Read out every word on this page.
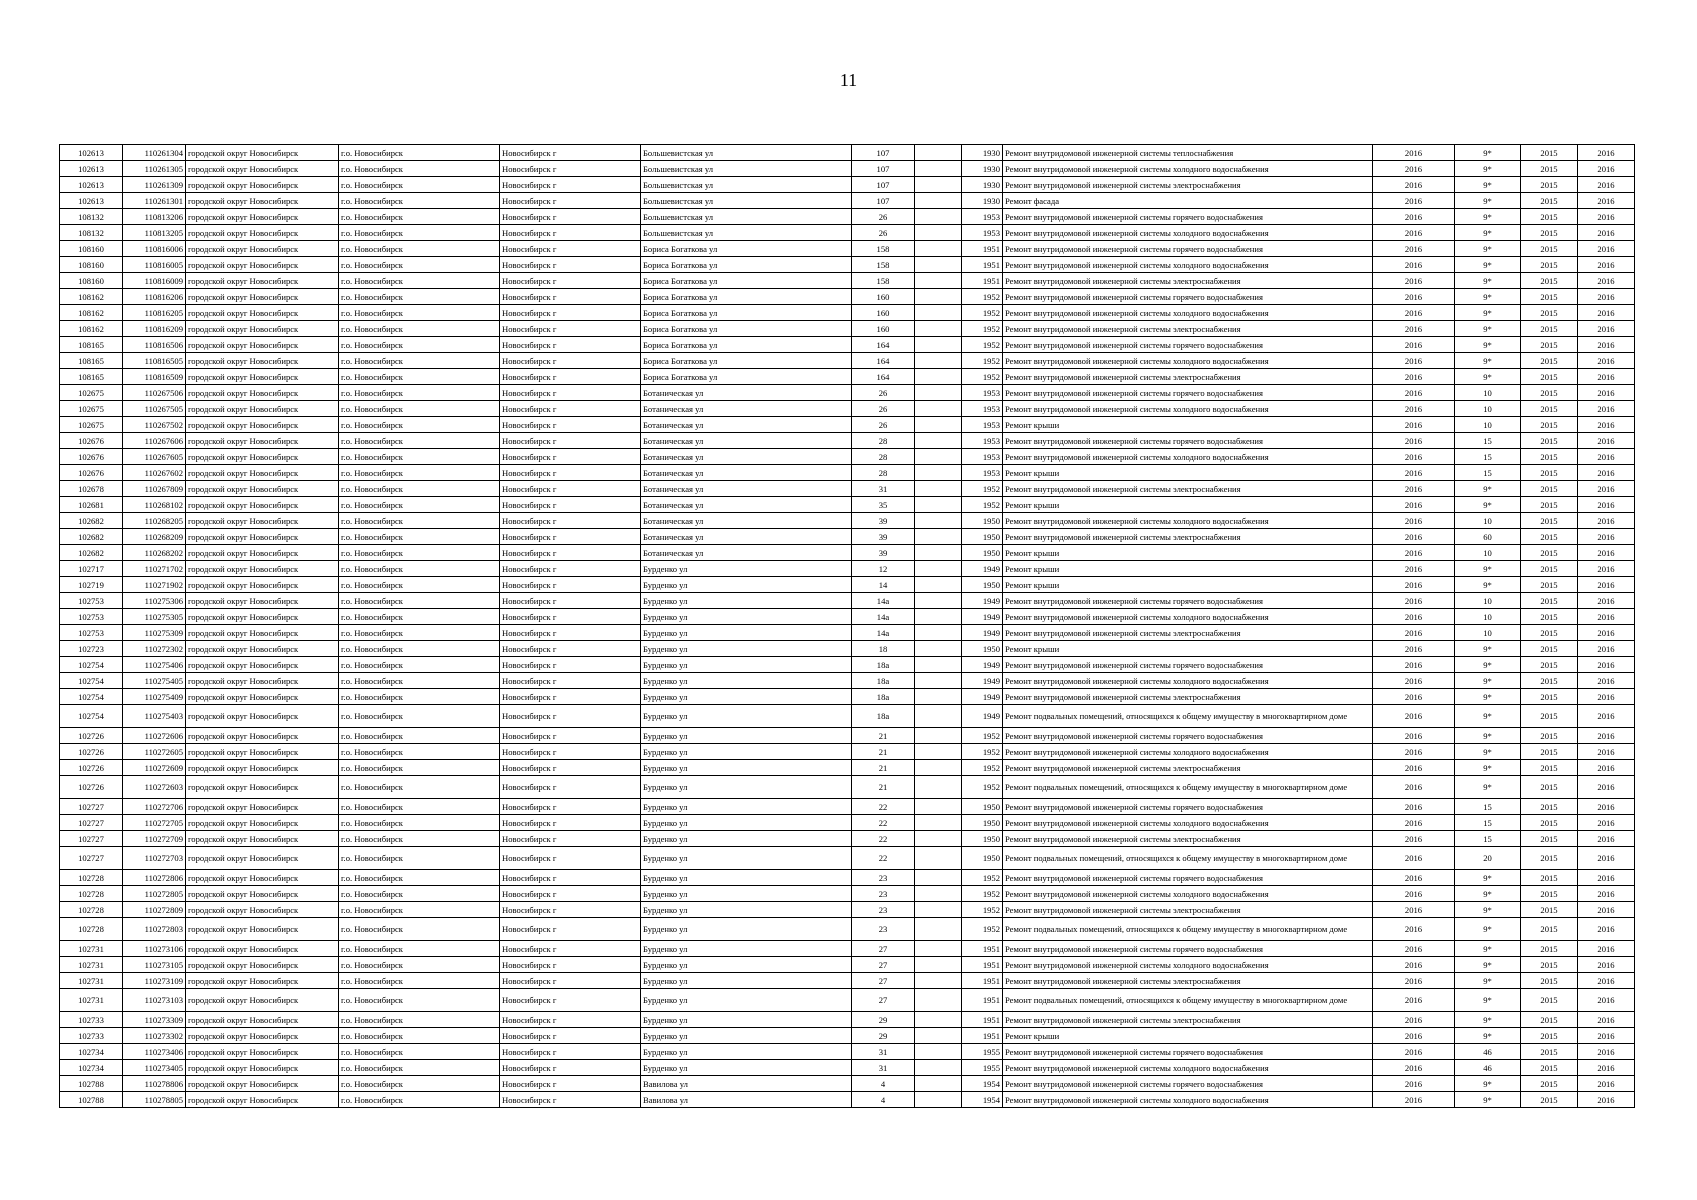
11
102613	110261304	городской округ Новосибирск	г.о. Новосибирск	Новосибирск г	Большевистская ул	107		1930	Ремонт внутридомовой инженерной системы теплоснабжения	2016	9*	2015	2016
102613	110261305	городской округ Новосибирск	г.о. Новосибирск	Новосибирск г	Большевистская ул	107		1930	Ремонт внутридомовой инженерной системы холодного водоснабжения	2016	9*	2015	2016
102613	110261309	городской округ Новосибирск	г.о. Новосибирск	Новосибирск г	Большевистская ул	107		1930	Ремонт внутридомовой инженерной системы электроснабжения	2016	9*	2015	2016
102613	110261301	городской округ Новосибирск	г.о. Новосибирск	Новосибирск г	Большевистская ул	107		1930	Ремонт фасада	2016	9*	2015	2016
108132	110813206	городской округ Новосибирск	г.о. Новосибирск	Новосибирск г	Большевистская ул	26		1953	Ремонт внутридомовой инженерной системы горячего водоснабжения	2016	9*	2015	2016
108132	110813205	городской округ Новосибирск	г.о. Новосибирск	Новосибирск г	Большевистская ул	26		1953	Ремонт внутридомовой инженерной системы холодного водоснабжения	2016	9*	2015	2016
108160	110816006	городской округ Новосибирск	г.о. Новосибирск	Новосибирск г	Бориса Богаткова ул	158		1951	Ремонт внутридомовой инженерной системы горячего водоснабжения	2016	9*	2015	2016
108160	110816005	городской округ Новосибирск	г.о. Новосибирск	Новосибирск г	Бориса Богаткова ул	158		1951	Ремонт внутридомовой инженерной системы холодного водоснабжения	2016	9*	2015	2016
108160	110816009	городской округ Новосибирск	г.о. Новосибирск	Новосибирск г	Бориса Богаткова ул	158		1951	Ремонт внутридомовой инженерной системы электроснабжения	2016	9*	2015	2016
108162	110816206	городской округ Новосибирск	г.о. Новосибирск	Новосибирск г	Бориса Богаткова ул	160		1952	Ремонт внутридомовой инженерной системы горячего водоснабжения	2016	9*	2015	2016
108162	110816205	городской округ Новосибирск	г.о. Новосибирск	Новосибирск г	Бориса Богаткова ул	160		1952	Ремонт внутридомовой инженерной системы холодного водоснабжения	2016	9*	2015	2016
108162	110816209	городской округ Новосибирск	г.о. Новосибирск	Новосибирск г	Бориса Богаткова ул	160		1952	Ремонт внутридомовой инженерной системы электроснабжения	2016	9*	2015	2016
108165	110816506	городской округ Новосибирск	г.о. Новосибирск	Новосибирск г	Бориса Богаткова ул	164		1952	Ремонт внутридомовой инженерной системы горячего водоснабжения	2016	9*	2015	2016
108165	110816505	городской округ Новосибирск	г.о. Новосибирск	Новосибирск г	Бориса Богаткова ул	164		1952	Ремонт внутридомовой инженерной системы холодного водоснабжения	2016	9*	2015	2016
108165	110816509	городской округ Новосибирск	г.о. Новосибирск	Новосибирск г	Бориса Богаткова ул	164		1952	Ремонт внутридомовой инженерной системы электроснабжения	2016	9*	2015	2016
102675	110267506	городской округ Новосибирск	г.о. Новосибирск	Новосибирск г	Ботаническая ул	26		1953	Ремонт внутридомовой инженерной системы горячего водоснабжения	2016	10	2015	2016
102675	110267505	городской округ Новосибирск	г.о. Новосибирск	Новосибирск г	Ботаническая ул	26		1953	Ремонт внутридомовой инженерной системы холодного водоснабжения	2016	10	2015	2016
102675	110267502	городской округ Новосибирск	г.о. Новосибирск	Новосибирск г	Ботаническая ул	26		1953	Ремонт крыши	2016	10	2015	2016
102676	110267606	городской округ Новосибирск	г.о. Новосибирск	Новосибирск г	Ботаническая ул	28		1953	Ремонт внутридомовой инженерной системы горячего водоснабжения	2016	15	2015	2016
102676	110267605	городской округ Новосибирск	г.о. Новосибирск	Новосибирск г	Ботаническая ул	28		1953	Ремонт внутридомовой инженерной системы холодного водоснабжения	2016	15	2015	2016
102676	110267602	городской округ Новосибирск	г.о. Новосибирск	Новосибирск г	Ботаническая ул	28		1953	Ремонт крыши	2016	15	2015	2016
102678	110267809	городской округ Новосибирск	г.о. Новосибирск	Новосибирск г	Ботаническая ул	31		1952	Ремонт внутридомовой инженерной системы электроснабжения	2016	9*	2015	2016
102681	110268102	городской округ Новосибирск	г.о. Новосибирск	Новосибирск г	Ботаническая ул	35		1952	Ремонт крыши	2016	9*	2015	2016
102682	110268205	городской округ Новосибирск	г.о. Новосибирск	Новосибирск г	Ботаническая ул	39		1950	Ремонт внутридомовой инженерной системы холодного водоснабжения	2016	10	2015	2016
102682	110268209	городской округ Новосибирск	г.о. Новосибирск	Новосибирск г	Ботаническая ул	39		1950	Ремонт внутридомовой инженерной системы электроснабжения	2016	60	2015	2016
102682	110268202	городской округ Новосибирск	г.о. Новосибирск	Новосибирск г	Ботаническая ул	39		1950	Ремонт крыши	2016	10	2015	2016
102717	110271702	городской округ Новосибирск	г.о. Новосибирск	Новосибирск г	Бурденко ул	12		1949	Ремонт крыши	2016	9*	2015	2016
102719	110271902	городской округ Новосибирск	г.о. Новосибирск	Новосибирск г	Бурденко ул	14		1950	Ремонт крыши	2016	9*	2015	2016
102753	110275306	городской округ Новосибирск	г.о. Новосибирск	Новосибирск г	Бурденко ул	14а		1949	Ремонт внутридомовой инженерной системы горячего водоснабжения	2016	10	2015	2016
102753	110275305	городской округ Новосибирск	г.о. Новосибирск	Новосибирск г	Бурденко ул	14а		1949	Ремонт внутридомовой инженерной системы холодного водоснабжения	2016	10	2015	2016
102753	110275309	городской округ Новосибирск	г.о. Новосибирск	Новосибирск г	Бурденко ул	14а		1949	Ремонт внутридомовой инженерной системы электроснабжения	2016	10	2015	2016
102723	110272302	городской округ Новосибирск	г.о. Новосибирск	Новосибирск г	Бурденко ул	18		1950	Ремонт крыши	2016	9*	2015	2016
102754	110275406	городской округ Новосибирск	г.о. Новосибирск	Новосибирск г	Бурденко ул	18а		1949	Ремонт внутридомовой инженерной системы горячего водоснабжения	2016	9*	2015	2016
102754	110275405	городской округ Новосибирск	г.о. Новосибирск	Новосибирск г	Бурденко ул	18а		1949	Ремонт внутридомовой инженерной системы холодного водоснабжения	2016	9*	2015	2016
102754	110275409	городской округ Новосибирск	г.о. Новосибирск	Новосибирск г	Бурденко ул	18а		1949	Ремонт внутридомовой инженерной системы электроснабжения	2016	9*	2015	2016
102754	110275403	городской округ Новосибирск	г.о. Новосибирск	Новосибирск г	Бурденко ул	18а		1949	Ремонт подвальных помещений, относящихся к общему имуществу в многоквартирном доме	2016	9*	2015	2016
102726	110272606	городской округ Новосибирск	г.о. Новосибирск	Новосибирск г	Бурденко ул	21		1952	Ремонт внутридомовой инженерной системы горячего водоснабжения	2016	9*	2015	2016
102726	110272605	городской округ Новосибирск	г.о. Новосибирск	Новосибирск г	Бурденко ул	21		1952	Ремонт внутридомовой инженерной системы холодного водоснабжения	2016	9*	2015	2016
102726	110272609	городской округ Новосибирск	г.о. Новосибирск	Новосибирск г	Бурденко ул	21		1952	Ремонт внутридомовой инженерной системы электроснабжения	2016	9*	2015	2016
102726	110272603	городской округ Новосибирск	г.о. Новосибирск	Новосибирск г	Бурденко ул	21		1952	Ремонт подвальных помещений, относящихся к общему имуществу в многоквартирном доме	2016	9*	2015	2016
102727	110272706	городской округ Новосибирск	г.о. Новосибирск	Новосибирск г	Бурденко ул	22		1950	Ремонт внутридомовой инженерной системы горячего водоснабжения	2016	15	2015	2016
102727	110272705	городской округ Новосибирск	г.о. Новосибирск	Новосибирск г	Бурденко ул	22		1950	Ремонт внутридомовой инженерной системы холодного водоснабжения	2016	15	2015	2016
102727	110272709	городской округ Новосибирск	г.о. Новосибирск	Новосибирск г	Бурденко ул	22		1950	Ремонт внутридомовой инженерной системы электроснабжения	2016	15	2015	2016
102727	110272703	городской округ Новосибирск	г.о. Новосибирск	Новосибирск г	Бурденко ул	22		1950	Ремонт подвальных помещений, относящихся к общему имуществу в многоквартирном доме	2016	20	2015	2016
102728	110272806	городской округ Новосибирск	г.о. Новосибирск	Новосибирск г	Бурденко ул	23		1952	Ремонт внутридомовой инженерной системы горячего водоснабжения	2016	9*	2015	2016
102728	110272805	городской округ Новосибирск	г.о. Новосибирск	Новосибирск г	Бурденко ул	23		1952	Ремонт внутридомовой инженерной системы холодного водоснабжения	2016	9*	2015	2016
102728	110272809	городской округ Новосибирск	г.о. Новосибирск	Новосибирск г	Бурденко ул	23		1952	Ремонт внутридомовой инженерной системы электроснабжения	2016	9*	2015	2016
102728	110272803	городской округ Новосибирск	г.о. Новосибирск	Новосибирск г	Бурденко ул	23		1952	Ремонт подвальных помещений, относящихся к общему имуществу в многоквартирном доме	2016	9*	2015	2016
102731	110273106	городской округ Новосибирск	г.о. Новосибирск	Новосибирск г	Бурденко ул	27		1951	Ремонт внутридомовой инженерной системы горячего водоснабжения	2016	9*	2015	2016
102731	110273105	городской округ Новосибирск	г.о. Новосибирск	Новосибирск г	Бурденко ул	27		1951	Ремонт внутридомовой инженерной системы холодного водоснабжения	2016	9*	2015	2016
102731	110273109	городской округ Новосибирск	г.о. Новосибирск	Новосибирск г	Бурденко ул	27		1951	Ремонт внутридомовой инженерной системы электроснабжения	2016	9*	2015	2016
102731	110273103	городской округ Новосибирск	г.о. Новосибирск	Новосибирск г	Бурденко ул	27		1951	Ремонт подвальных помещений, относящихся к общему имуществу в многоквартирном доме	2016	9*	2015	2016
102733	110273309	городской округ Новосибирск	г.о. Новосибирск	Новосибирск г	Бурденко ул	29		1951	Ремонт внутридомовой инженерной системы электроснабжения	2016	9*	2015	2016
102733	110273302	городской округ Новосибирск	г.о. Новосибирск	Новосибирск г	Бурденко ул	29		1951	Ремонт крыши	2016	9*	2015	2016
102734	110273406	городской округ Новосибирск	г.о. Новосибирск	Новосибирск г	Бурденко ул	31		1955	Ремонт внутридомовой инженерной системы горячего водоснабжения	2016	46	2015	2016
102734	110273405	городской округ Новосибирск	г.о. Новосибирск	Новосибирск г	Бурденко ул	31		1955	Ремонт внутридомовой инженерной системы холодного водоснабжения	2016	46	2015	2016
102788	110278806	городской округ Новосибирск	г.о. Новосибирск	Новосибирск г	Вавилова ул	4		1954	Ремонт внутридомовой инженерной системы горячего водоснабжения	2016	9*	2015	2016
102788	110278805	городской округ Новосибирск	г.о. Новосибирск	Новосибирск г	Вавилова ул	4		1954	Ремонт внутридомовой инженерной системы холодного водоснабжения	2016	9*	2015	2016
